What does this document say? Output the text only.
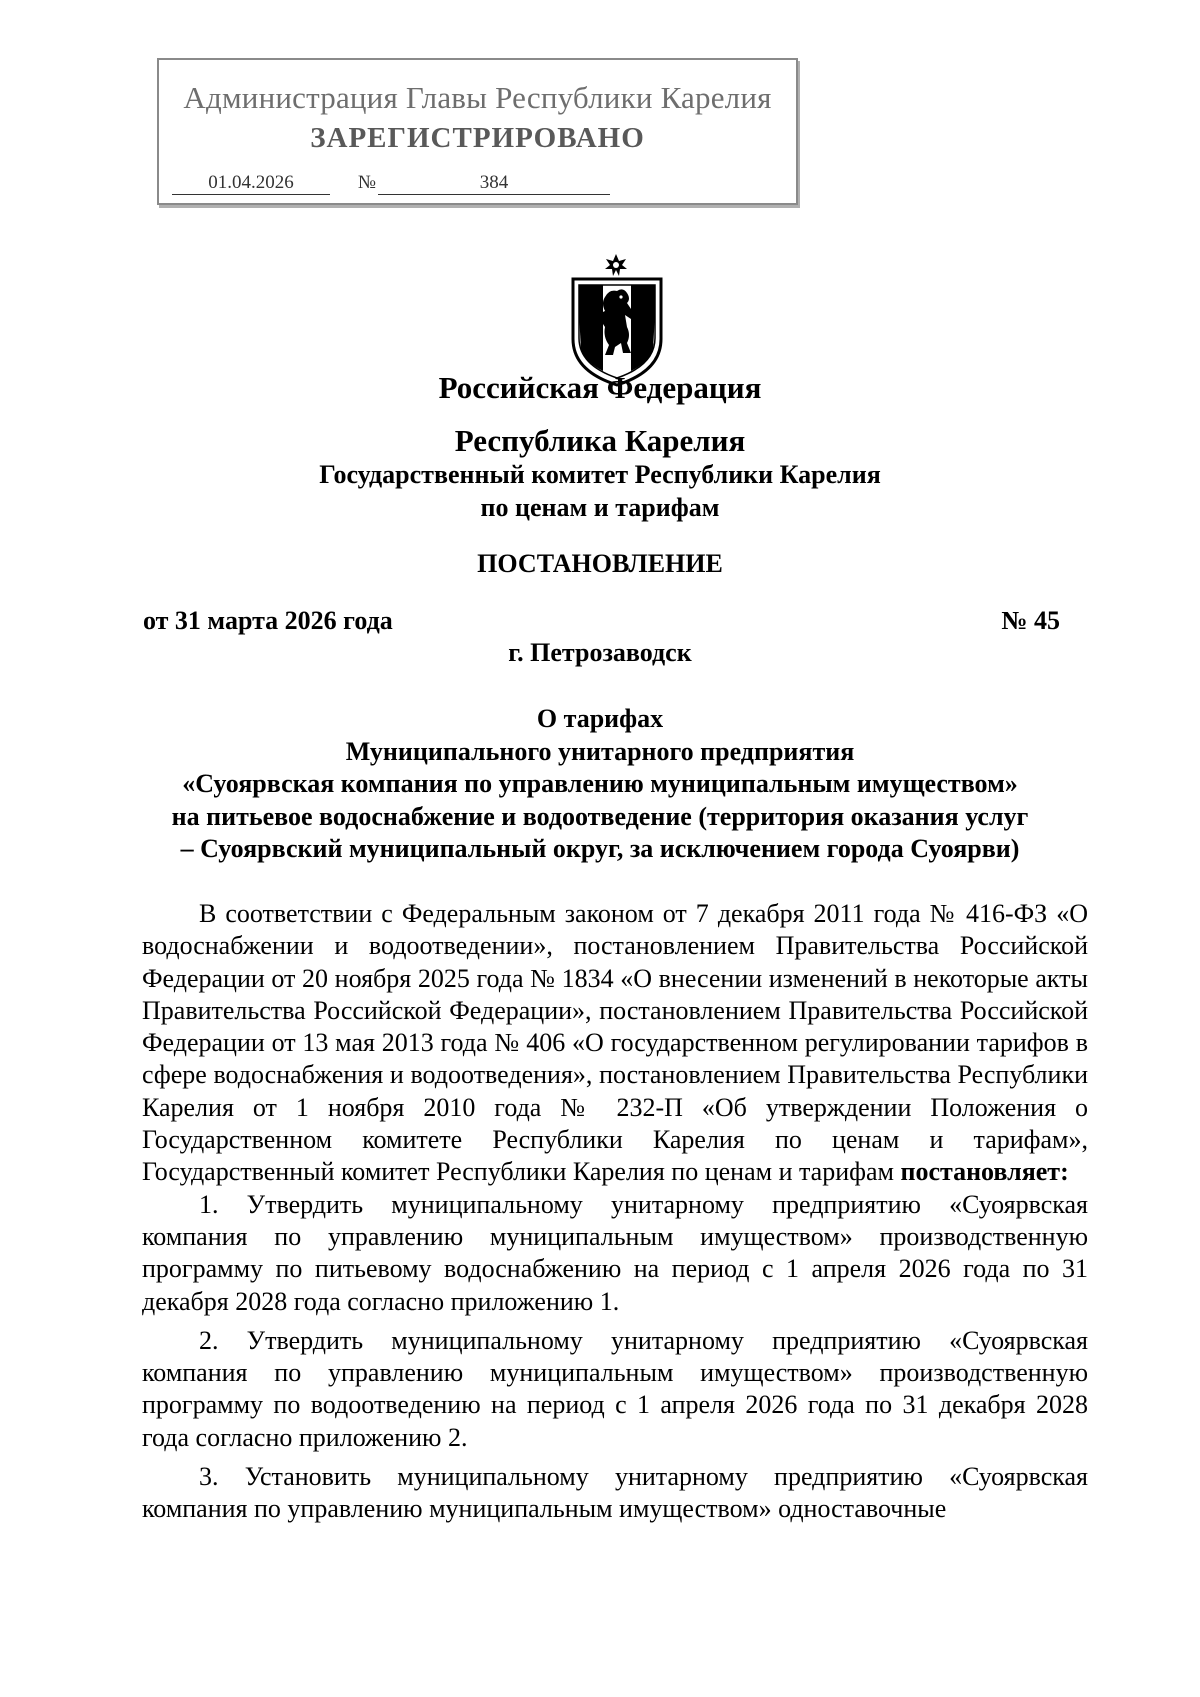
Администрация Главы Республики Карелия
ЗАРЕГИСТРИРОВАНО
01.04.2026	№	384
Российская Федерация
Республика Карелия
Государственный комитет Республики Карелия
по ценам и тарифам
ПОСТАНОВЛЕНИЕ
от 31 марта 2026 года	№ 45
г. Петрозаводск
О тарифах
Муниципального унитарного предприятия
«Суоярвская компания по управлению муниципальным имуществом»
на питьевое водоснабжение и водоотведение (территория оказания услуг
– Суоярвский муниципальный округ, за исключением города Суоярви)

В соответствии с Федеральным законом от 7 декабря 2011 года № 416-ФЗ «О водоснабжении и водоотведении», постановлением Правительства Российской Федерации от 20 ноября 2025 года № 1834 «О внесении изменений в некоторые акты Правительства Российской Федерации», постановлением Правительства Российской Федерации от 13 мая 2013 года № 406 «О государственном регулировании тарифов в сфере водоснабжения и водоотведения», постановлением Правительства Республики Карелия от 1 ноября 2010 года № 232-П «Об утверждении Положения о Государственном комитете Республики Карелия по ценам и тарифам», Государственный комитет Республики Карелия по ценам и тарифам постановляет:

1. Утвердить муниципальному унитарному предприятию «Суоярвская компания по управлению муниципальным имуществом» производственную программу по питьевому водоснабжению на период с 1 апреля 2026 года по 31 декабря 2028 года согласно приложению 1.

2. Утвердить муниципальному унитарному предприятию «Суоярвская компания по управлению муниципальным имуществом» производственную программу по водоотведению на период с 1 апреля 2026 года по 31 декабря 2028 года согласно приложению 2.

3. Установить муниципальному унитарному предприятию «Суоярвская компания по управлению муниципальным имуществом» одноставочные
